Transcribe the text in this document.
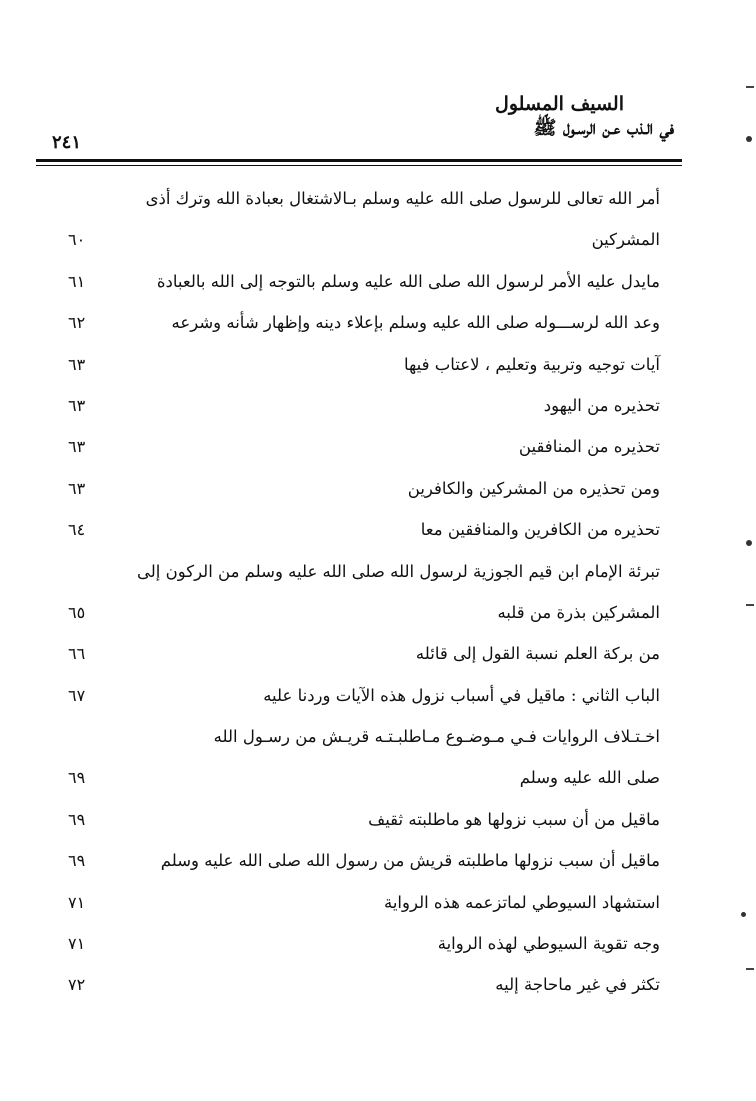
السيف المسلول
في الـذب عـن الرسـول ﷺ
٢٤١
أمر الله تعالى للرسول صلى الله عليه وسلم بـالاشتغال بعبادة الله وترك أذى
المشركين
٦٠
مايدل عليه الأمر لرسول الله صلى الله عليه وسلم بالتوجه إلى الله بالعبادة
٦١
وعد الله لرســـوله صلى الله عليه وسلم بإعلاء دينه وإظهار شأنه وشرعه
٦٢
آيات توجيه وتربية وتعليم ، لاعتاب فيها
٦٣
تحذيره من اليهود
٦٣
تحذيره من المنافقين
٦٣
ومن تحذيره من المشركين والكافرين
٦٣
تحذيره من الكافرين والمنافقين معا
٦٤
تبرئة الإمام ابن قيم الجوزية لرسول الله صلى الله عليه وسلم من الركون إلى
المشركين بذرة من قلبه
٦٥
من بركة العلم نسبة القول إلى قائله
٦٦
الباب الثاني : ماقيل في أسباب نزول هذه الآيات وردنا عليه
٦٧
اخـتـلاف الروايات فـي مـوضـوع مـاطلبـتـه قريـش من رسـول الله
صلى الله عليه وسلم
٦٩
ماقيل من أن سبب نزولها هو ماطلبته ثقيف
٦٩
ماقيل أن سبب نزولها ماطلبته قريش من رسول الله صلى الله عليه وسلم
٦٩
استشهاد السيوطي لماتزعمه هذه الرواية
٧١
وجه تقوية السيوطي لهذه الرواية
٧١
تكثر في غير ماحاجة إليه
٧٢
